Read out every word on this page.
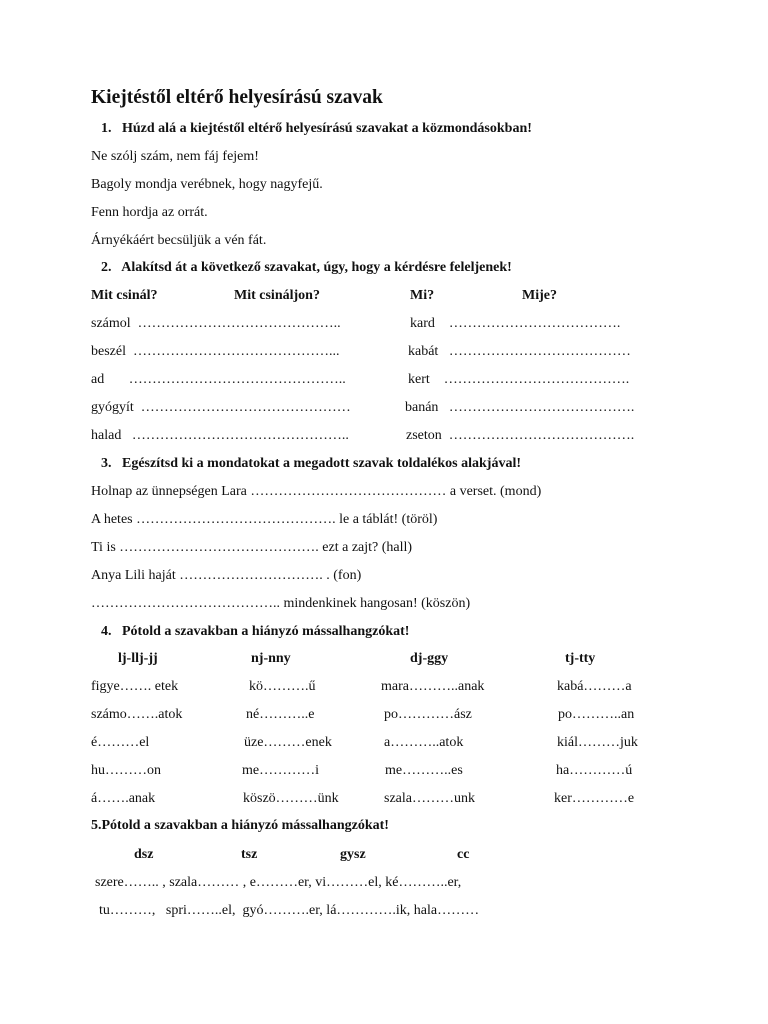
Kiejtéstől eltérő helyesírású szavak
1.   Húzd alá a kiejtéstől eltérő helyesírású szavakat a közmondásokban!
Ne szólj szám, nem fáj fejem!
Bagoly mondja verébnek, hogy nagyfejű.
Fenn hordja az orrát.
Árnyékáért becsüljük a vén fát.
2.   Alakítsd át a következő szavakat, úgy, hogy a kérdésre feleljenek!
Mit csinál?	Mit csináljon?	Mi?	Mije?
számol  ……………………………………..	kard    ……………………………….
beszél  ……………………………………...	kabát   …………………………………
ad       ………………………………………..	kert    ………………………………….
gyógyít  ………………………………………	banán   ………………………………….
halad   ………………………………………..	zseton  ………………………………….
3.   Egészítsd ki a mondatokat a megadott szavak toldalékos alakjával!
Holnap az ünnepségen Lara …………………………………… a verset. (mond)
A hetes ……………………………………. le a táblát! (töröl)
Ti is ……………………………………. ezt a zajt? (hall)
Anya Lili haját …………………………. . (fon)
………………………………….. mindenkinek hangosan! (köszön)
4.   Pótold a szavakban a hiányzó mássalhangzókat!
lj-llj-jj	nj-nny	dj-ggy	tj-tty
figye……. etek	kö……….ű	mara………..anak	kabá………a
számo…….atok	né………..e	po…………ász	po………..an
é………el	üze………enek	a………..atok	kiál………juk
hu………on	me…………i	me………..es	ha…………ú
á…….anak	köszö………ünk	szala………unk	ker…………e
5.Pótold a szavakban a hiányzó mássalhangzókat!
dsz	tsz	gysz	cc
szere…….. , szala……… , e………er, vi………el, ké………..er,
tu………,   spri……..el,  gyó……….er, lá………….ik, hala………
